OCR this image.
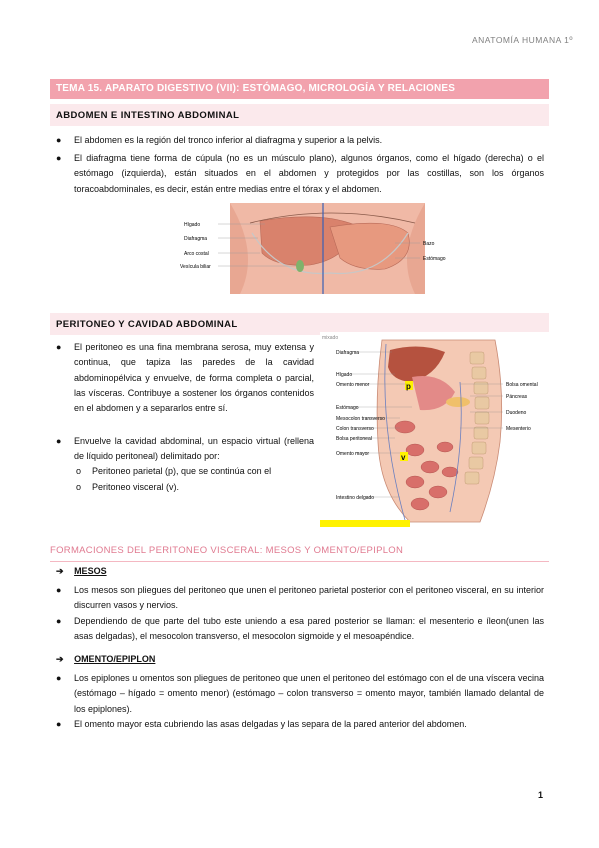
ANATOMÍA HUMANA 1º
TEMA 15. APARATO DIGESTIVO (VII): ESTÓMAGO, MICROLOGÍA Y RELACIONES
ABDOMEN E INTESTINO ABDOMINAL
● El abdomen es la región del tronco inferior al diafragma y superior a la pelvis.
● El diafragma tiene forma de cúpula (no es un músculo plano), algunos órganos, como el hígado (derecha) o el estómago (izquierda), están situados en el abdomen y protegidos por las costillas, son los órganos toracoabdominales, es decir, están entre medias entre el tórax y el abdomen.
Hígado
Diafragma
Arco costal
Vesícula biliar
Bazo
Estómago
PERITONEO Y CAVIDAD ABDOMINAL
● El peritoneo es una fina membrana serosa, muy extensa y continua, que tapiza las paredes de la cavidad abdominopélvica y envuelve, de forma completa o parcial, las vísceras. Contribuye a sostener los órganos contenidos en el abdomen y a separarlos entre sí.
● Envuelve la cavidad abdominal, un espacio virtual (rellena de líquido peritoneal) delimitado por:
o Peritoneo parietal (p), que se continúa con el
o Peritoneo visceral (v).
mixado
p
v
Diafragma
Hígado
Omento menor
Estómago
Mesocolon transverso
Colon transverso
Bolsa peritoneal
Omento mayor
Intestino delgado
Bolsa omental
Páncreas
Duodeno
Mesenterio
FORMACIONES DEL PERITONEO VISCERAL: MESOS Y OMENTO/EPIPLON
➔ MESOS
● Los mesos son pliegues del peritoneo que unen el peritoneo parietal posterior con el peritoneo visceral, en su interior discurren vasos y nervios.
● Dependiendo de que parte del tubo este uniendo a esa pared posterior se llaman: el mesenterio e íleon(unen las asas delgadas), el mesocolon transverso, el mesocolon sigmoide y el mesoapéndice.
➔ OMENTO/EPIPLON
● Los epiplones u omentos son pliegues de peritoneo que unen el peritoneo del estómago con el de una víscera vecina (estómago – hígado = omento menor) (estómago – colon transverso = omento mayor, también llamado delantal de los epiplones).
● El omento mayor esta cubriendo las asas delgadas y las separa de la pared anterior del abdomen.
1
